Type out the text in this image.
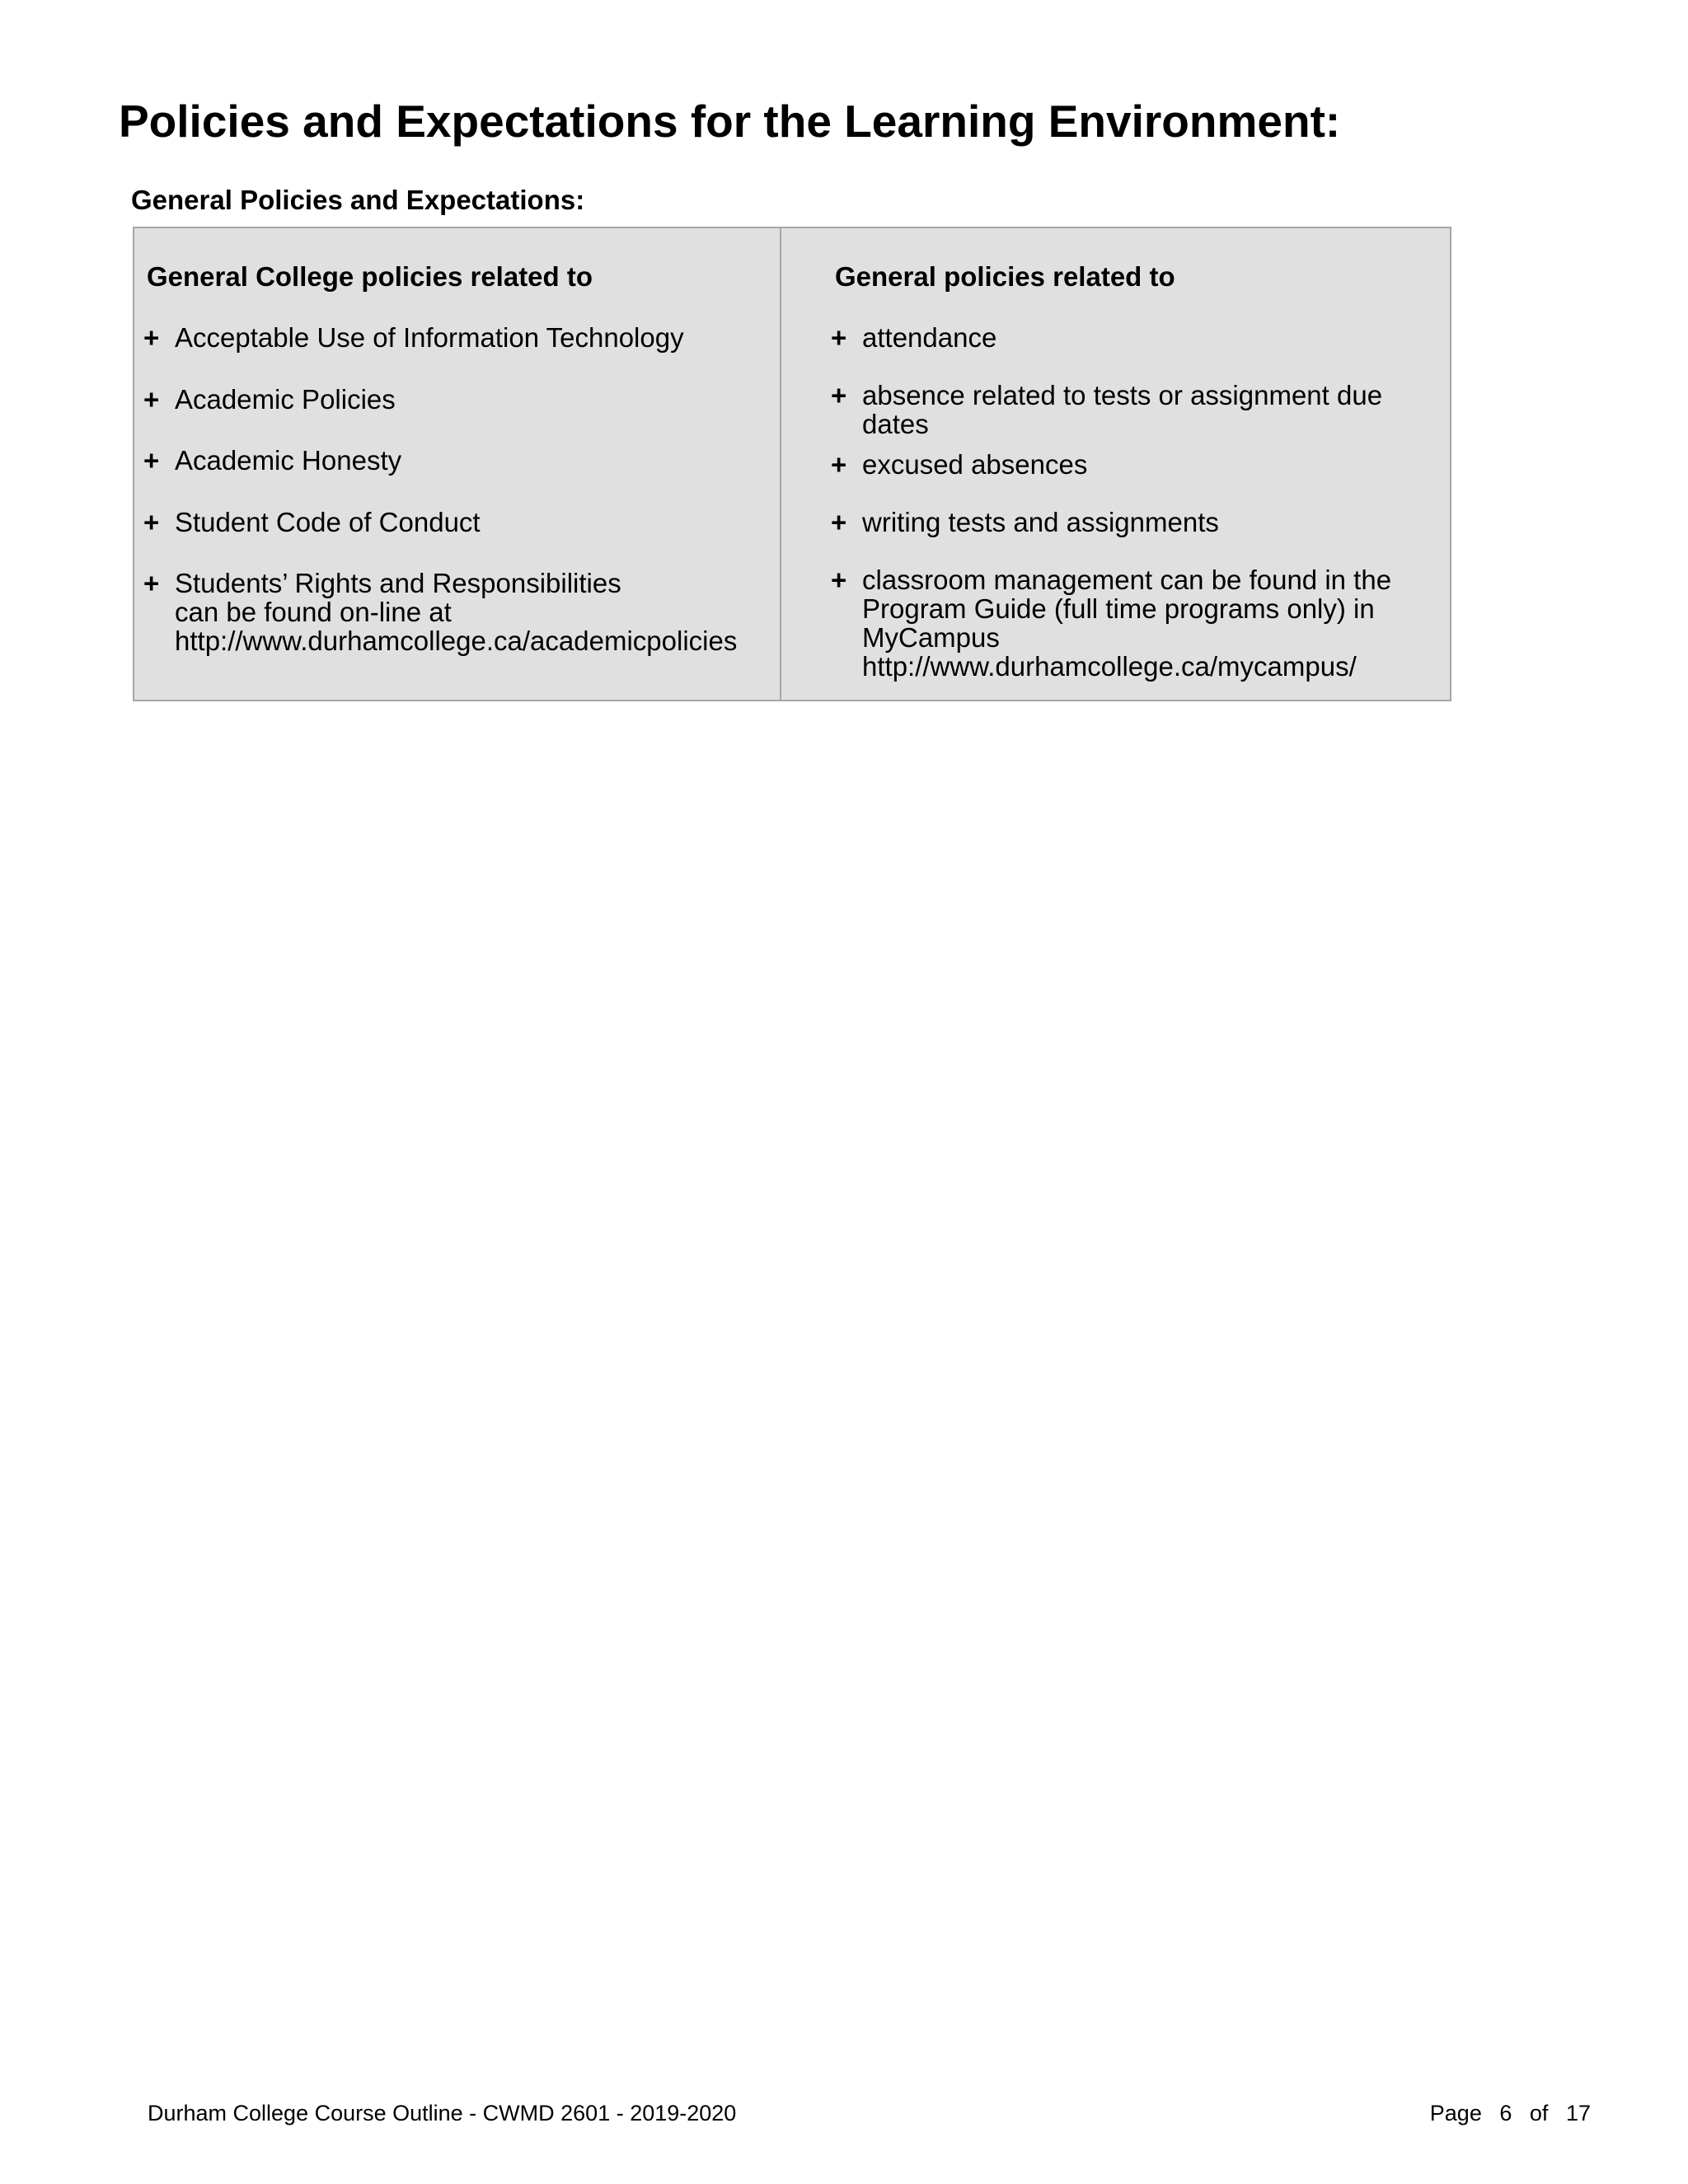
Policies and Expectations for the Learning Environment:
General Policies and Expectations:
General College policies related to
+ Acceptable Use of Information Technology
+ Academic Policies
+ Academic Honesty
+ Student Code of Conduct
+ Students’ Rights and Responsibilities
can be found on-line at
http://www.durhamcollege.ca/academicpolicies
General policies related to
+ attendance
+ absence related to tests or assignment due
dates
+ excused absences
+ writing tests and assignments
+ classroom management can be found in the
Program Guide (full time programs only) in
MyCampus
http://www.durhamcollege.ca/mycampus/
Durham College Course Outline - CWMD 2601 - 2019-2020	Page 6 of 17
